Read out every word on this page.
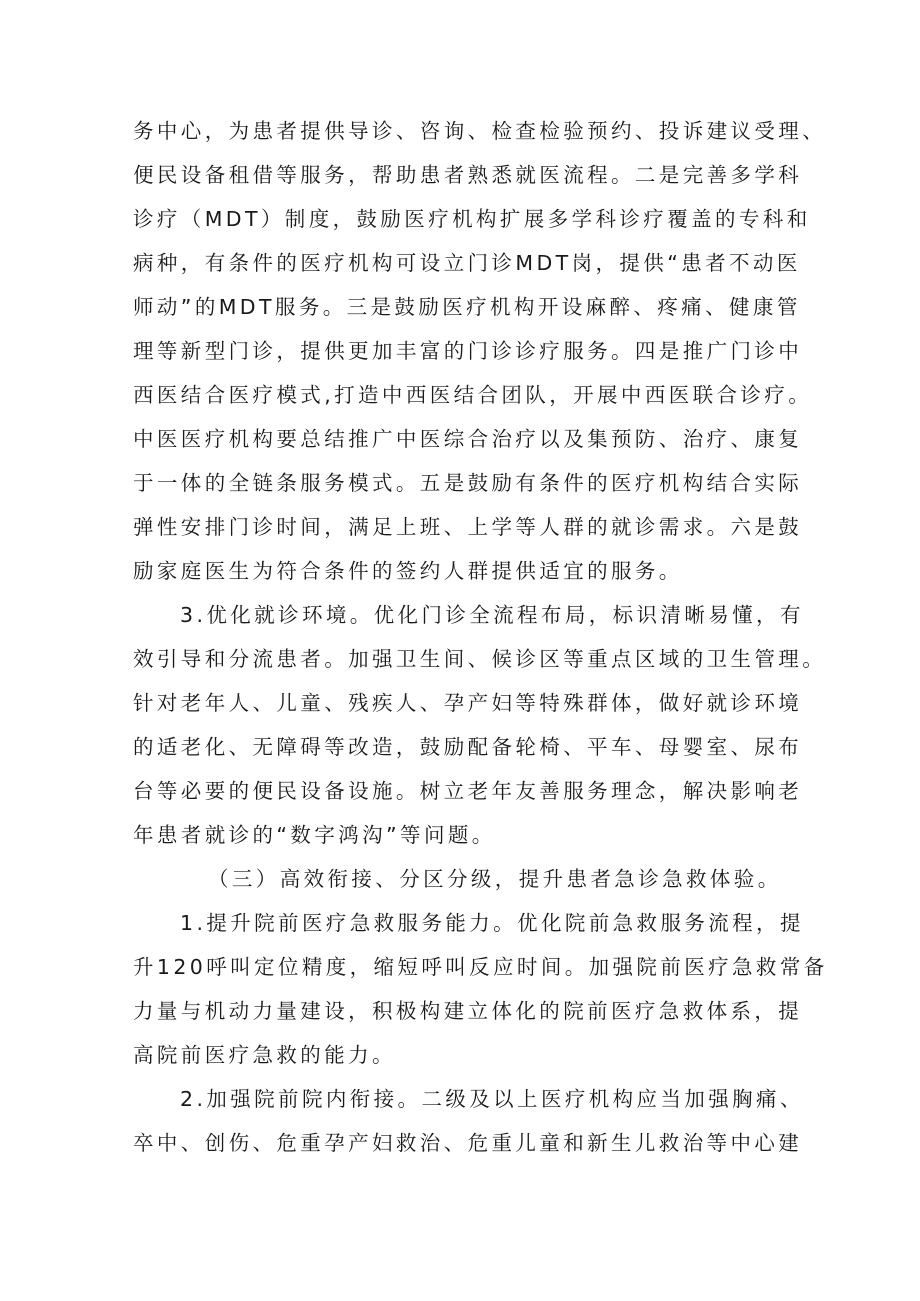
务中心，为患者提供导诊、咨询、检查检验预约、投诉建议受理、
便民设备租借等服务，帮助患者熟悉就医流程。二是完善多学科
诊疗（MDT）制度，鼓励医疗机构扩展多学科诊疗覆盖的专科和
病种，有条件的医疗机构可设立门诊MDT岗，提供“患者不动医
师动”的MDT服务。三是鼓励医疗机构开设麻醉、疼痛、健康管
理等新型门诊，提供更加丰富的门诊诊疗服务。四是推广门诊中
西医结合医疗模式,打造中西医结合团队，开展中西医联合诊疗。
中医医疗机构要总结推广中医综合治疗以及集预防、治疗、康复
于一体的全链条服务模式。五是鼓励有条件的医疗机构结合实际
弹性安排门诊时间，满足上班、上学等人群的就诊需求。六是鼓
励家庭医生为符合条件的签约人群提供适宜的服务。
3.优化就诊环境。优化门诊全流程布局，标识清晰易懂，有
效引导和分流患者。加强卫生间、候诊区等重点区域的卫生管理。
针对老年人、儿童、残疾人、孕产妇等特殊群体，做好就诊环境
的适老化、无障碍等改造，鼓励配备轮椅、平车、母婴室、尿布
台等必要的便民设备设施。树立老年友善服务理念，解决影响老
年患者就诊的“数字鸿沟”等问题。
（三）高效衔接、分区分级，提升患者急诊急救体验。
1.提升院前医疗急救服务能力。优化院前急救服务流程，提
升120呼叫定位精度，缩短呼叫反应时间。加强院前医疗急救常备
力量与机动力量建设，积极构建立体化的院前医疗急救体系，提
高院前医疗急救的能力。
2.加强院前院内衔接。二级及以上医疗机构应当加强胸痛、
卒中、创伤、危重孕产妇救治、危重儿童和新生儿救治等中心建
